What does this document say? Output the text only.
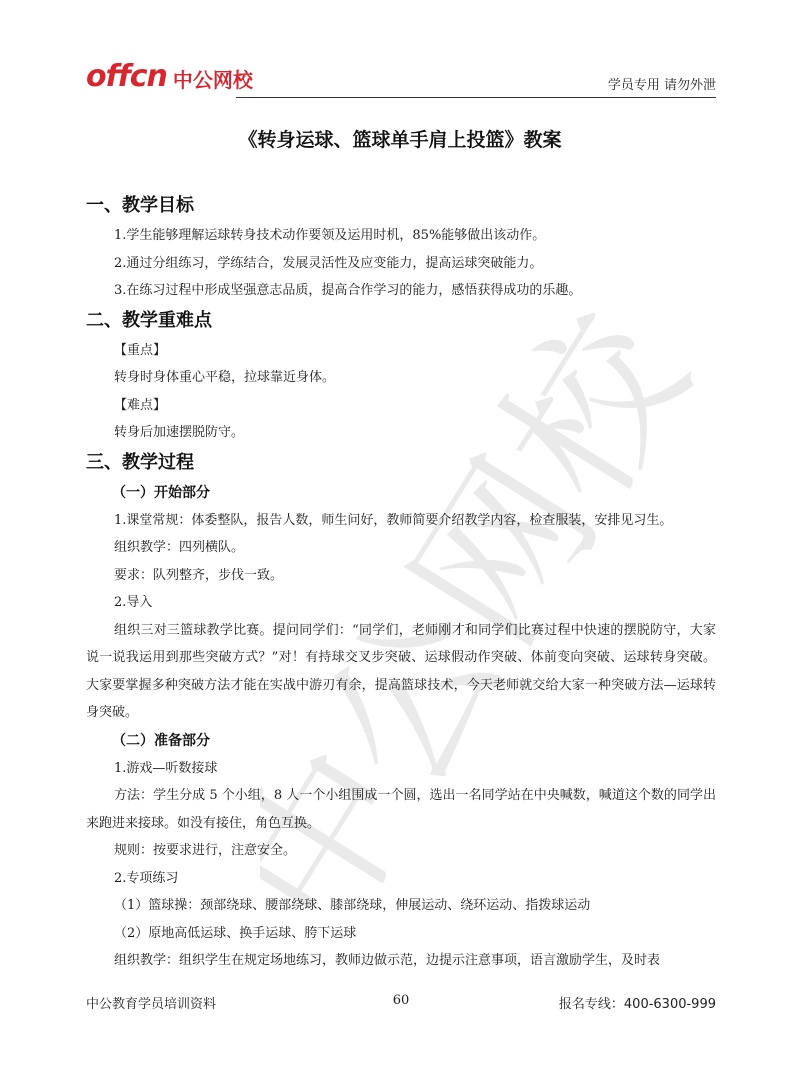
offcn 中公网校	学员专用 请勿外泄
中公网校
《转身运球、篮球单手肩上投篮》教案
一、教学目标
1.学生能够理解运球转身技术动作要领及运用时机，85%能够做出该动作。
2.通过分组练习，学练结合，发展灵活性及应变能力，提高运球突破能力。
3.在练习过程中形成坚强意志品质，提高合作学习的能力，感悟获得成功的乐趣。
二、教学重难点
【重点】
转身时身体重心平稳，拉球靠近身体。
【难点】
转身后加速摆脱防守。
三、教学过程
（一）开始部分
1.课堂常规：体委整队，报告人数，师生问好，教师简要介绍教学内容，检查服装，安排见习生。
组织教学：四列横队。
要求：队列整齐，步伐一致。
2.导入
组织三对三篮球教学比赛。提问同学们：“同学们，老师刚才和同学们比赛过程中快速的摆脱防守，大家说一说我运用到那些突破方式？”对！有持球交叉步突破、运球假动作突破、体前变向突破、运球转身突破。大家要掌握多种突破方法才能在实战中游刃有余，提高篮球技术，今天老师就交给大家一种突破方法—运球转身突破。
（二）准备部分
1.游戏—听数接球
方法：学生分成 5 个小组，8 人一个小组围成一个圆，选出一名同学站在中央喊数，喊道这个数的同学出来跑进来接球。如没有接住，角色互换。
规则：按要求进行，注意安全。
2.专项练习
（1）篮球操：颈部绕球、腰部绕球、膝部绕球，伸展运动、绕环运动、指拨球运动
（2）原地高低运球、换手运球、胯下运球
组织教学：组织学生在规定场地练习，教师边做示范，边提示注意事项，语言激励学生，及时表
60
中公教育学员培训资料	报名专线：400-6300-999
